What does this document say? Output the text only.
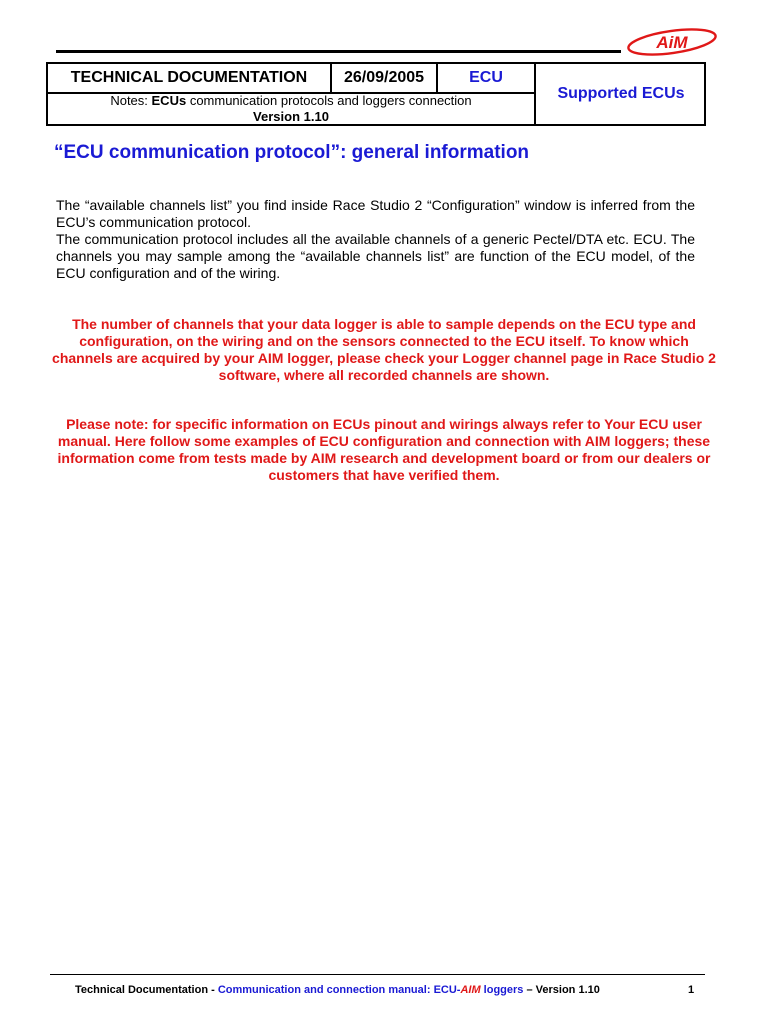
AiM
TECHNICAL DOCUMENTATION	26/09/2005	ECU
Supported ECUs
Notes: ECUs communication protocols and loggers connection
Version 1.10
“ECU communication protocol”: general information

The “available channels list” you find inside Race Studio 2 “Configuration” window is inferred from the ECU’s communication protocol.

The communication protocol includes all the available channels of a generic Pectel/DTA etc. ECU. The channels you may sample among the “available channels list” are function of the ECU model, of the ECU configuration and of the wiring.

The number of channels that your data logger is able to sample depends on the ECU type and configuration, on the wiring and on the sensors connected to the ECU itself. To know which channels are acquired by your AIM logger, please check your Logger channel page in Race Studio 2 software, where all recorded channels are shown.
Please note: for specific information on ECUs pinout and wirings always refer to Your ECU user manual. Here follow some examples of ECU configuration and connection with AIM loggers; these information come from tests made by AIM research and development board or from our dealers or customers that have verified them.
Technical Documentation - Communication and connection manual: ECU-AIM loggers – Version 1.10	1
